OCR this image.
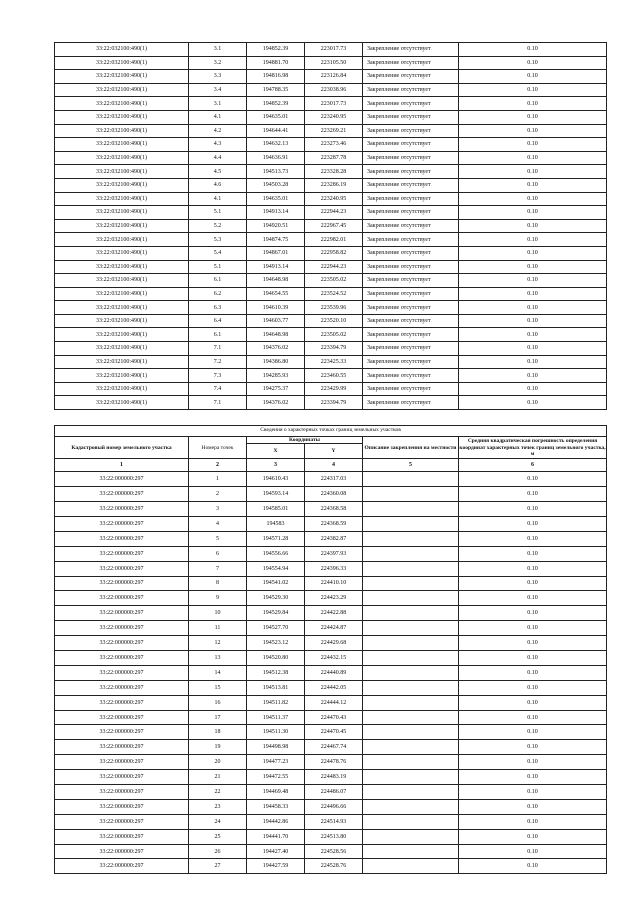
33:22:032100:490(1)	3.1	194852.39	223017.73	Закрепление отсутствует	0.10
33:22:032100:490(1)	3.2	194881.70	223105.50	Закрепление отсутствует	0.10
33:22:032100:490(1)	3.3	194816.98	223126.84	Закрепление отсутствует	0.10
33:22:032100:490(1)	3.4	194788.35	223038.96	Закрепление отсутствует	0.10
33:22:032100:490(1)	3.1	194852.39	223017.73	Закрепление отсутствует	0.10
33:22:032100:490(1)	4.1	194635.01	223240.95	Закрепление отсутствует	0.10
33:22:032100:490(1)	4.2	194644.41	223269.21	Закрепление отсутствует	0.10
33:22:032100:490(1)	4.3	194632.13	223273.46	Закрепление отсутствует	0.10
33:22:032100:490(1)	4.4	194636.91	223287.78	Закрепление отсутствует	0.10
33:22:032100:490(1)	4.5	194513.73	223328.28	Закрепление отсутствует	0.10
33:22:032100:490(1)	4.6	194503.28	223286.19	Закрепление отсутствует	0.10
33:22:032100:490(1)	4.1	194635.01	223240.95	Закрепление отсутствует	0.10
33:22:032100:490(1)	5.1	194913.14	222944.23	Закрепление отсутствует	0.10
33:22:032100:490(1)	5.2	194920.51	222967.45	Закрепление отсутствует	0.10
33:22:032100:490(1)	5.3	194874.75	222982.01	Закрепление отсутствует	0.10
33:22:032100:490(1)	5.4	194867.01	222958.82	Закрепление отсутствует	0.10
33:22:032100:490(1)	5.1	194913.14	222944.23	Закрепление отсутствует	0.10
33:22:032100:490(1)	6.1	194648.98	223505.02	Закрепление отсутствует	0.10
33:22:032100:490(1)	6.2	194654.55	223524.52	Закрепление отсутствует	0.10
33:22:032100:490(1)	6.3	194610.39	223539.96	Закрепление отсутствует	0.10
33:22:032100:490(1)	6.4	194603.77	223520.10	Закрепление отсутствует	0.10
33:22:032100:490(1)	6.1	194648.98	223505.02	Закрепление отсутствует	0.10
33:22:032100:490(1)	7.1	194376.02	223394.79	Закрепление отсутствует	0.10
33:22:032100:490(1)	7.2	194386.80	223425.33	Закрепление отсутствует	0.10
33:22:032100:490(1)	7.3	194285.93	223460.55	Закрепление отсутствует	0.10
33:22:032100:490(1)	7.4	194275.37	223429.99	Закрепление отсутствует	0.10
33:22:032100:490(1)	7.1	194376.02	223394.79	Закрепление отсутствует	0.10
Сведения о характерных точках границ земельных участков					
Кадастровый номер земельного участка	Номера точек	Координаты		Описание закрепления на местности	Средняя квадратическая погрешность определения координат характерных точек границ земельного участка, м
		X	Y		
1	2	3	4	5	6
33:22:000000:297	1	194610.43	224317.03		0.10
33:22:000000:297	2	194593.14	224360.08		0.10
33:22:000000:297	3	194585.01	224368.58		0.10
33:22:000000:297	4	194583	224368.59		0.10
33:22:000000:297	5	194571.28	224382.87		0.10
33:22:000000:297	6	194556.66	224397.93		0.10
33:22:000000:297	7	194554.94	224396.33		0.10
33:22:000000:297	8	194541.02	224410.10		0.10
33:22:000000:297	9	194529.30	224423.29		0.10
33:22:000000:297	10	194529.84	224422.88		0.10
33:22:000000:297	11	194527.70	224424.87		0.10
33:22:000000:297	12	194523.12	224429.68		0.10
33:22:000000:297	13	194520.80	224432.15		0.10
33:22:000000:297	14	194512.38	224440.89		0.10
33:22:000000:297	15	194513.81	224442.05		0.10
33:22:000000:297	16	194511.82	224444.12		0.10
33:22:000000:297	17	194511.37	224470.43		0.10
33:22:000000:297	18	194511.30	224470.45		0.10
33:22:000000:297	19	194498.98	224467.74		0.10
33:22:000000:297	20	194477.23	224478.76		0.10
33:22:000000:297	21	194472.55	224483.19		0.10
33:22:000000:297	22	194469.48	224486.07		0.10
33:22:000000:297	23	194458.33	224496.66		0.10
33:22:000000:297	24	194442.86	224514.93		0.10
33:22:000000:297	25	194441.70	224513.80		0.10
33:22:000000:297	26	194427.40	224528.56		0.10
33:22:000000:297	27	194427.59	224528.76		0.10
